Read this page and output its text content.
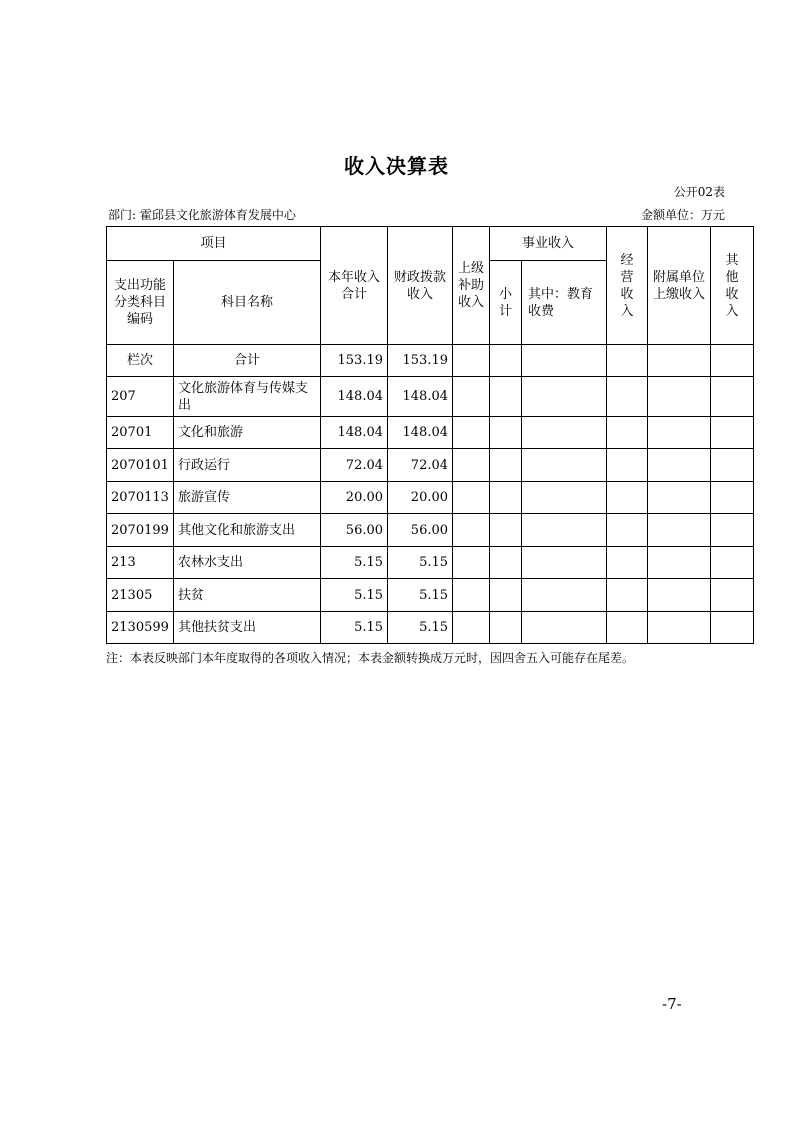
收入决算表
公开02表
部门: 霍邱县文化旅游体育发展中心	金额单位：万元
项目		本年收入合计	财政拨款收入	上级补助收入	事业收入		经营收入	附属单位上缴收入	其他收入
支出功能分类科目编码	科目名称				小计	其中：教育收费			
栏次	合计	153.19	153.19						
207	文化旅游体育与传媒支出	148.04	148.04						
20701	文化和旅游	148.04	148.04						
2070101	行政运行	72.04	72.04						
2070113	旅游宣传	20.00	20.00						
2070199	其他文化和旅游支出	56.00	56.00						
213	农林水支出	5.15	5.15						
21305	扶贫	5.15	5.15						
2130599	其他扶贫支出	5.15	5.15						
注：本表反映部门本年度取得的各项收入情况；本表金额转换成万元时，因四舍五入可能存在尾差。
-7-
